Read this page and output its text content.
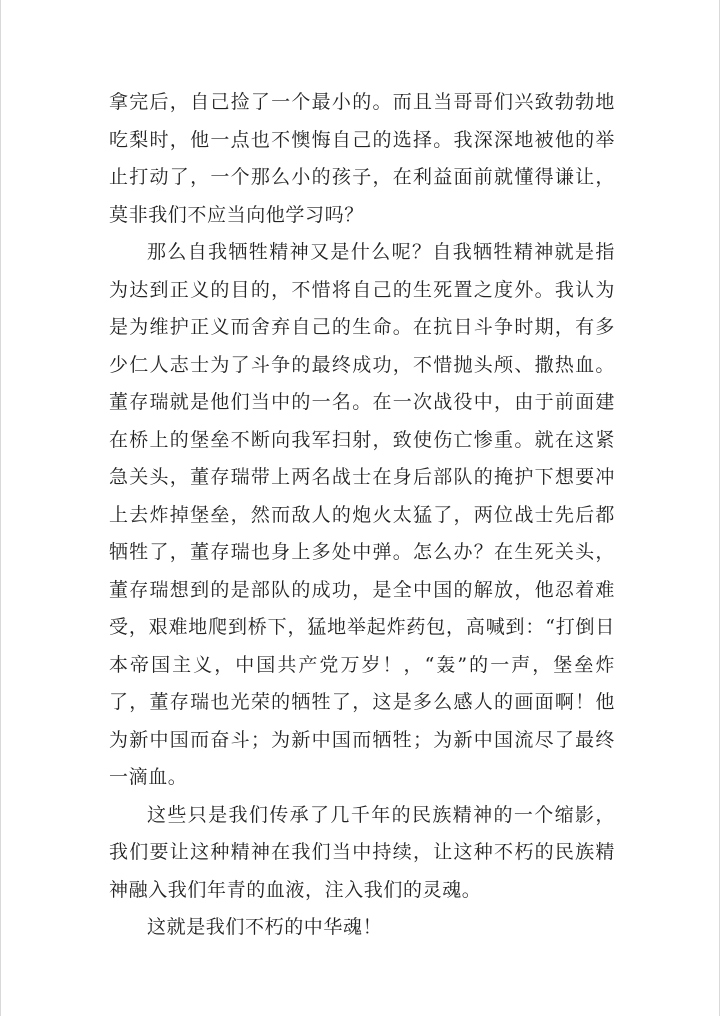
拿完后，自己捡了一个最小的。而且当哥哥们兴致勃勃地吃梨时，他一点也不懊悔自己的选择。我深深地被他的举止打动了，一个那么小的孩子，在利益面前就懂得谦让，莫非我们不应当向他学习吗？

那么自我牺牲精神又是什么呢？自我牺牲精神就是指为达到正义的目的，不惜将自己的生死置之度外。我认为是为维护正义而舍弃自己的生命。在抗日斗争时期，有多少仁人志士为了斗争的最终成功，不惜抛头颅、撒热血。董存瑞就是他们当中的一名。在一次战役中，由于前面建在桥上的堡垒不断向我军扫射，致使伤亡惨重。就在这紧急关头，董存瑞带上两名战士在身后部队的掩护下想要冲上去炸掉堡垒，然而敌人的炮火太猛了，两位战士先后都牺牲了，董存瑞也身上多处中弹。怎么办？在生死关头，董存瑞想到的是部队的成功，是全中国的解放，他忍着难受，艰难地爬到桥下，猛地举起炸药包，高喊到：“打倒日本帝国主义，中国共产党万岁！，“轰”的一声，堡垒炸了，董存瑞也光荣的牺牲了，这是多么感人的画面啊！他为新中国而奋斗；为新中国而牺牲；为新中国流尽了最终一滴血。

这些只是我们传承了几千年的民族精神的一个缩影，我们要让这种精神在我们当中持续，让这种不朽的民族精神融入我们年青的血液，注入我们的灵魂。

这就是我们不朽的中华魂！
